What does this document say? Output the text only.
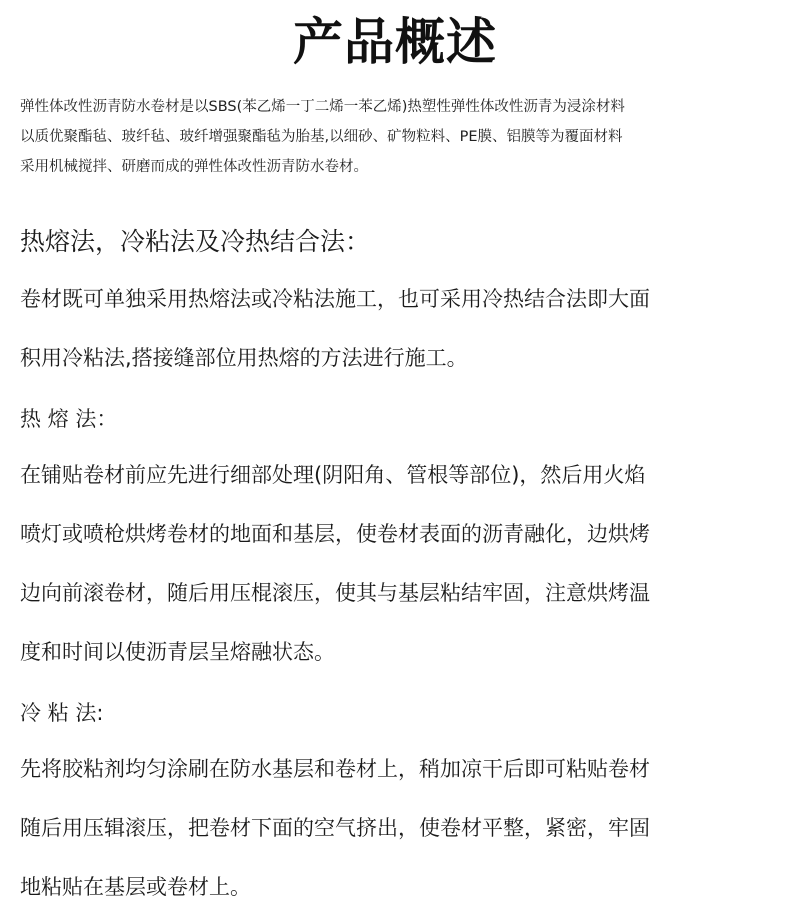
产品概述

弹性体改性沥青防水卷材是以SBS(苯乙烯一丁二烯一苯乙烯)热塑性弹性体改性沥青为浸涂材料

以质优聚酯毡、玻纤毡、玻纤增强聚酯毡为胎基,以细砂、矿物粒料、PE膜、铝膜等为覆面材料

采用机械搅拌、研磨而成的弹性体改性沥青防水卷材。

热熔法，冷粘法及冷热结合法：

卷材既可单独采用热熔法或冷粘法施工，也可采用冷热结合法即大面

积用冷粘法,搭接缝部位用热熔的方法进行施工。

热 熔 法：

在铺贴卷材前应先进行细部处理(阴阳角、管根等部位)，然后用火焰

喷灯或喷枪烘烤卷材的地面和基层，使卷材表面的沥青融化，边烘烤

边向前滚卷材，随后用压棍滚压，使其与基层粘结牢固，注意烘烤温

度和时间以使沥青层呈熔融状态。

冷 粘 法:

先将胶粘剂均匀涂刷在防水基层和卷材上，稍加凉干后即可粘贴卷材

随后用压辑滚压，把卷材下面的空气挤出，使卷材平整，紧密，牢固

地粘贴在基层或卷材上。
